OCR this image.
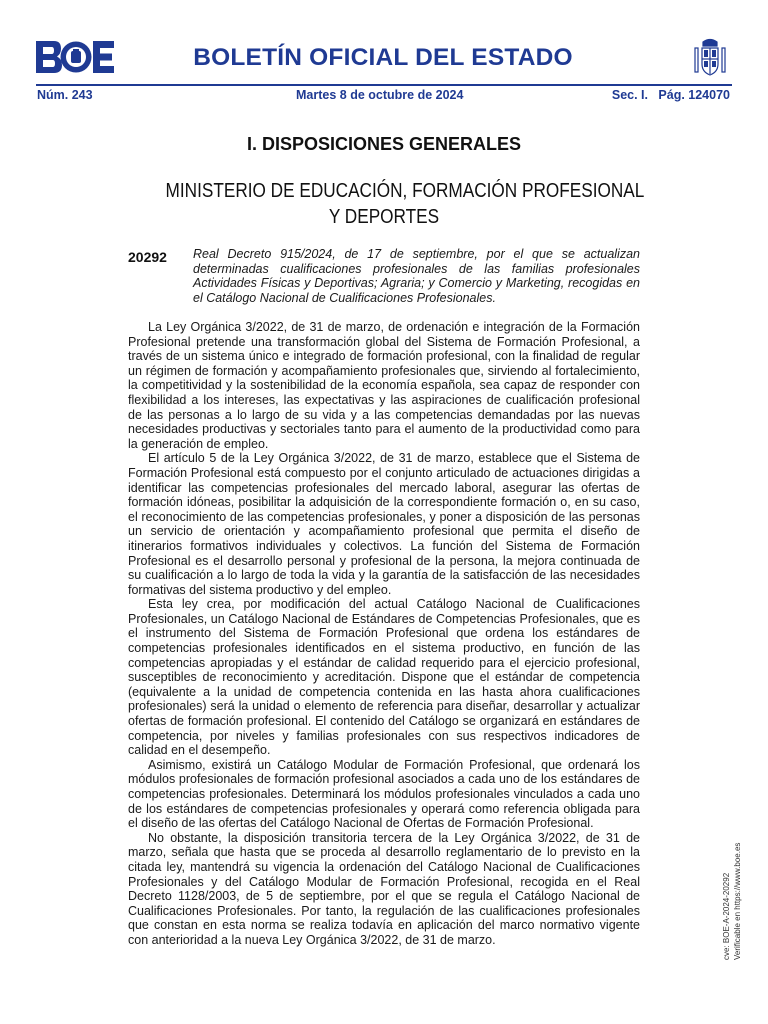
BOLETÍN OFICIAL DEL ESTADO
Núm. 243	Martes 8 de octubre de 2024	Sec. I.   Pág. 124070
I. DISPOSICIONES GENERALES
MINISTERIO DE EDUCACIÓN, FORMACIÓN PROFESIONAL
Y DEPORTES
20292 Real Decreto 915/2024, de 17 de septiembre, por el que se actualizan determinadas cualificaciones profesionales de las familias profesionales Actividades Físicas y Deportivas; Agraria; y Comercio y Marketing, recogidas en el Catálogo Nacional de Cualificaciones Profesionales.

La Ley Orgánica 3/2022, de 31 de marzo, de ordenación e integración de la Formación Profesional pretende una transformación global del Sistema de Formación Profesional, a través de un sistema único e integrado de formación profesional, con la finalidad de regular un régimen de formación y acompañamiento profesionales que, sirviendo al fortalecimiento, la competitividad y la sostenibilidad de la economía española, sea capaz de responder con flexibilidad a los intereses, las expectativas y las aspiraciones de cualificación profesional de las personas a lo largo de su vida y a las competencias demandadas por las nuevas necesidades productivas y sectoriales tanto para el aumento de la productividad como para la generación de empleo.

El artículo 5 de la Ley Orgánica 3/2022, de 31 de marzo, establece que el Sistema de Formación Profesional está compuesto por el conjunto articulado de actuaciones dirigidas a identificar las competencias profesionales del mercado laboral, asegurar las ofertas de formación idóneas, posibilitar la adquisición de la correspondiente formación o, en su caso, el reconocimiento de las competencias profesionales, y poner a disposición de las personas un servicio de orientación y acompañamiento profesional que permita el diseño de itinerarios formativos individuales y colectivos. La función del Sistema de Formación Profesional es el desarrollo personal y profesional de la persona, la mejora continuada de su cualificación a lo largo de toda la vida y la garantía de la satisfacción de las necesidades formativas del sistema productivo y del empleo.

Esta ley crea, por modificación del actual Catálogo Nacional de Cualificaciones Profesionales, un Catálogo Nacional de Estándares de Competencias Profesionales, que es el instrumento del Sistema de Formación Profesional que ordena los estándares de competencias profesionales identificados en el sistema productivo, en función de las competencias apropiadas y el estándar de calidad requerido para el ejercicio profesional, susceptibles de reconocimiento y acreditación. Dispone que el estándar de competencia (equivalente a la unidad de competencia contenida en las hasta ahora cualificaciones profesionales) será la unidad o elemento de referencia para diseñar, desarrollar y actualizar ofertas de formación profesional. El contenido del Catálogo se organizará en estándares de competencia, por niveles y familias profesionales con sus respectivos indicadores de calidad en el desempeño.

Asimismo, existirá un Catálogo Modular de Formación Profesional, que ordenará los módulos profesionales de formación profesional asociados a cada uno de los estándares de competencias profesionales. Determinará los módulos profesionales vinculados a cada uno de los estándares de competencias profesionales y operará como referencia obligada para el diseño de las ofertas del Catálogo Nacional de Ofertas de Formación Profesional.

No obstante, la disposición transitoria tercera de la Ley Orgánica 3/2022, de 31 de marzo, señala que hasta que se proceda al desarrollo reglamentario de lo previsto en la citada ley, mantendrá su vigencia la ordenación del Catálogo Nacional de Cualificaciones Profesionales y del Catálogo Modular de Formación Profesional, recogida en el Real Decreto 1128/2003, de 5 de septiembre, por el que se regula el Catálogo Nacional de Cualificaciones Profesionales. Por tanto, la regulación de las cualificaciones profesionales que constan en esta norma se realiza todavía en aplicación del marco normativo vigente con anterioridad a la nueva Ley Orgánica 3/2022, de 31 de marzo.	cve: BOE-A-2024-20292 Verificable en https://www.boe.es
